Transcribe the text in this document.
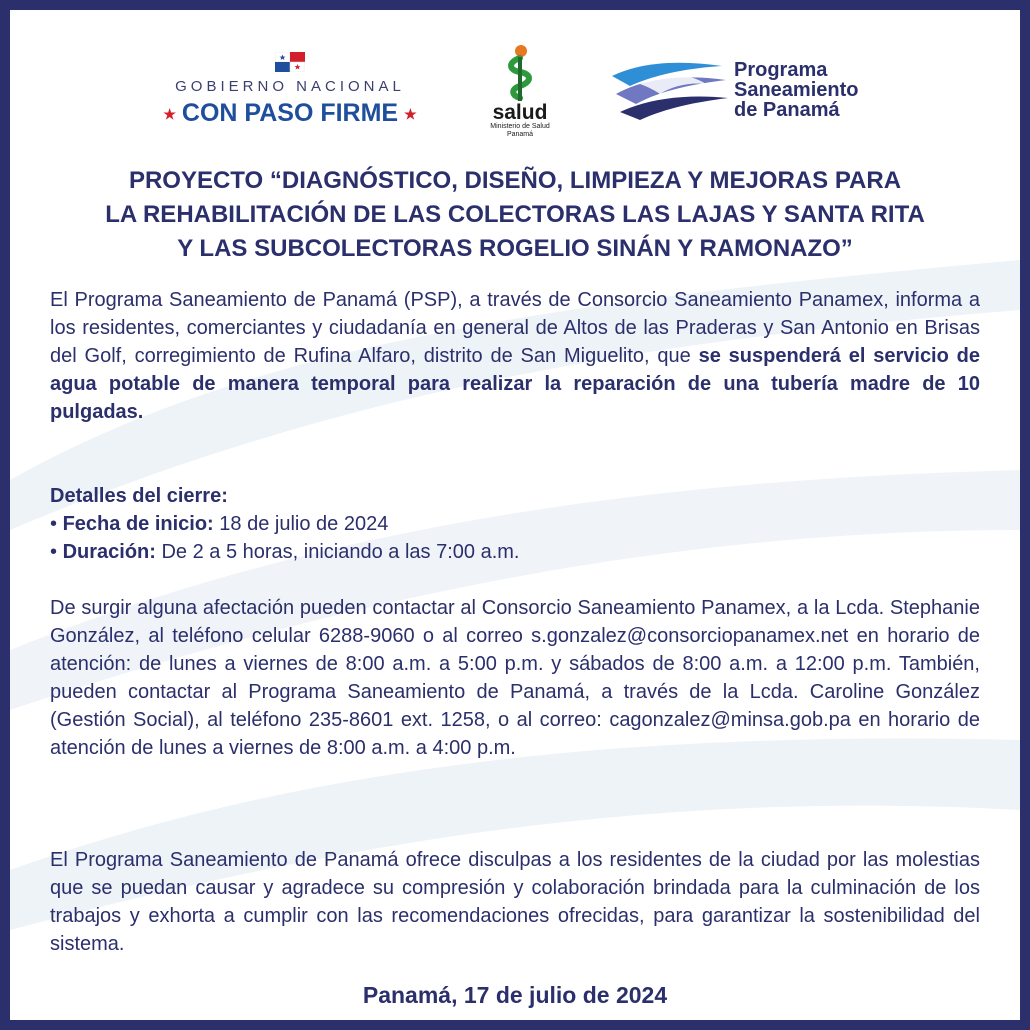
GOBIERNO NACIONAL
★ CON PASO FIRME ★	salud
Ministerio de Salud
Panamá
Programa
Saneamiento
de Panamá
PROYECTO “DIAGNÓSTICO, DISEÑO, LIMPIEZA Y MEJORAS PARA
LA REHABILITACIÓN DE LAS COLECTORAS LAS LAJAS Y SANTA RITA
Y LAS SUBCOLECTORAS ROGELIO SINÁN Y RAMONAZO”
El Programa Saneamiento de Panamá (PSP), a través de Consorcio Saneamiento Panamex, informa a los residentes, comerciantes y ciudadanía en general de Altos de las Praderas y San Antonio en Brisas del Golf, corregimiento de Rufina Alfaro, distrito de San Miguelito, que se suspenderá el servicio de agua potable de manera temporal para realizar la reparación de una tubería madre de 10 pulgadas.
Detalles del cierre:
• Fecha de inicio: 18 de julio de 2024
• Duración: De 2 a 5 horas, iniciando a las 7:00 a.m.
De surgir alguna afectación pueden contactar al Consorcio Saneamiento Panamex, a la Lcda. Stephanie González, al teléfono celular 6288-9060 o al correo s.gonzalez@consorciopanamex.net en horario de atención: de lunes a viernes de 8:00 a.m. a 5:00 p.m. y sábados de 8:00 a.m. a 12:00 p.m. También, pueden contactar al Programa Saneamiento de Panamá, a través de la Lcda. Caroline González (Gestión Social), al teléfono 235-8601 ext. 1258, o al correo: cagonzalez@minsa.gob.pa en horario de atención de lunes a viernes de 8:00 a.m. a 4:00 p.m.
El Programa Saneamiento de Panamá ofrece disculpas a los residentes de la ciudad por las molestias que se puedan causar y agradece su compresión y colaboración brindada para la culminación de los trabajos y exhorta a cumplir con las recomendaciones ofrecidas, para garantizar la sostenibilidad del sistema.
Panamá, 17 de julio de 2024
